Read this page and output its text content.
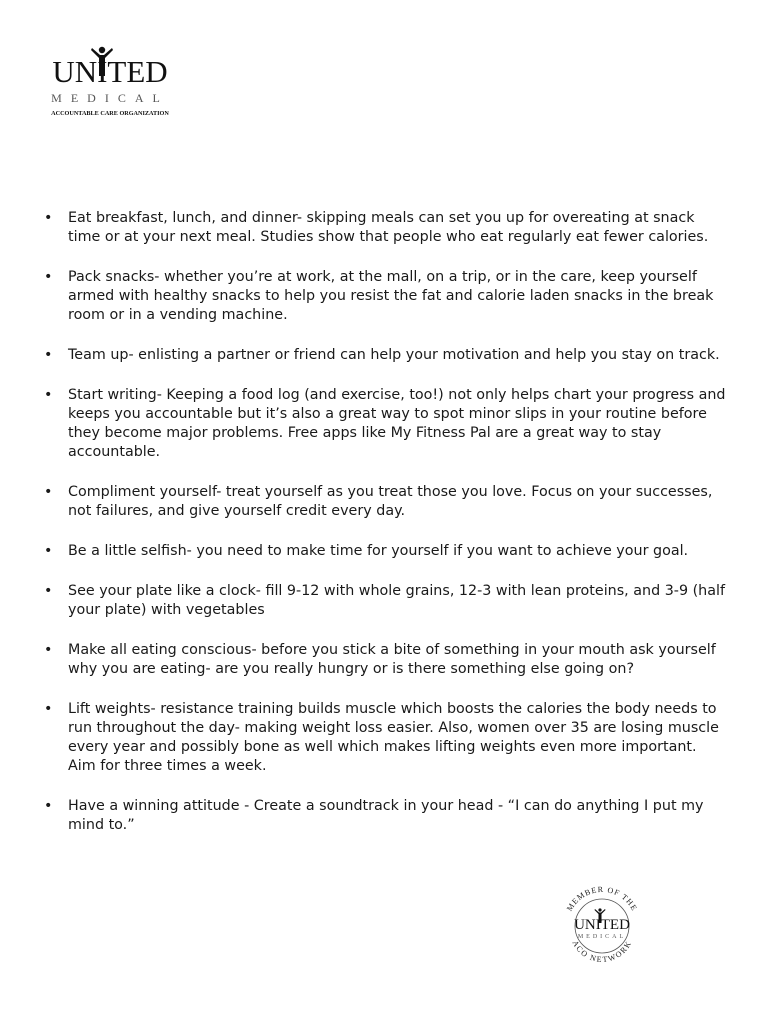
UNITED
MEDICAL
ACCOUNTABLE CARE ORGANIZATION
• Eat breakfast, lunch, and dinner- skipping meals can set you up for overeating at snack time or at your next meal. Studies show that people who eat regularly eat fewer calories.
• Pack snacks- whether you’re at work, at the mall, on a trip, or in the care, keep yourself armed with healthy snacks to help you resist the fat and calorie laden snacks in the break room or in a vending machine.
• Team up- enlisting a partner or friend can help your motivation and help you stay on track.
• Start writing- Keeping a food log (and exercise, too!) not only helps chart your progress and keeps you accountable but it’s also a great way to spot minor slips in your routine before they become major problems. Free apps like My Fitness Pal are a great way to stay accountable.
• Compliment yourself- treat yourself as you treat those you love. Focus on your successes, not failures, and give yourself credit every day.
• Be a little selfish- you need to make time for yourself if you want to achieve your goal.
• See your plate like a clock- fill 9-12 with whole grains, 12-3 with lean proteins, and 3-9 (half your plate) with vegetables
• Make all eating conscious- before you stick a bite of something in your mouth ask yourself why you are eating- are you really hungry or is there something else going on?
• Lift weights- resistance training builds muscle which boosts the calories the body needs to run throughout the day- making weight loss easier. Also, women over 35 are losing muscle every year and possibly bone as well which makes lifting weights even more important. Aim for three times a week.
• Have a winning attitude - Create a soundtrack in your head - “I can do anything I put my mind to.”
MEMBER OF THE
ACO NETWORK
UNITED
MEDICAL
